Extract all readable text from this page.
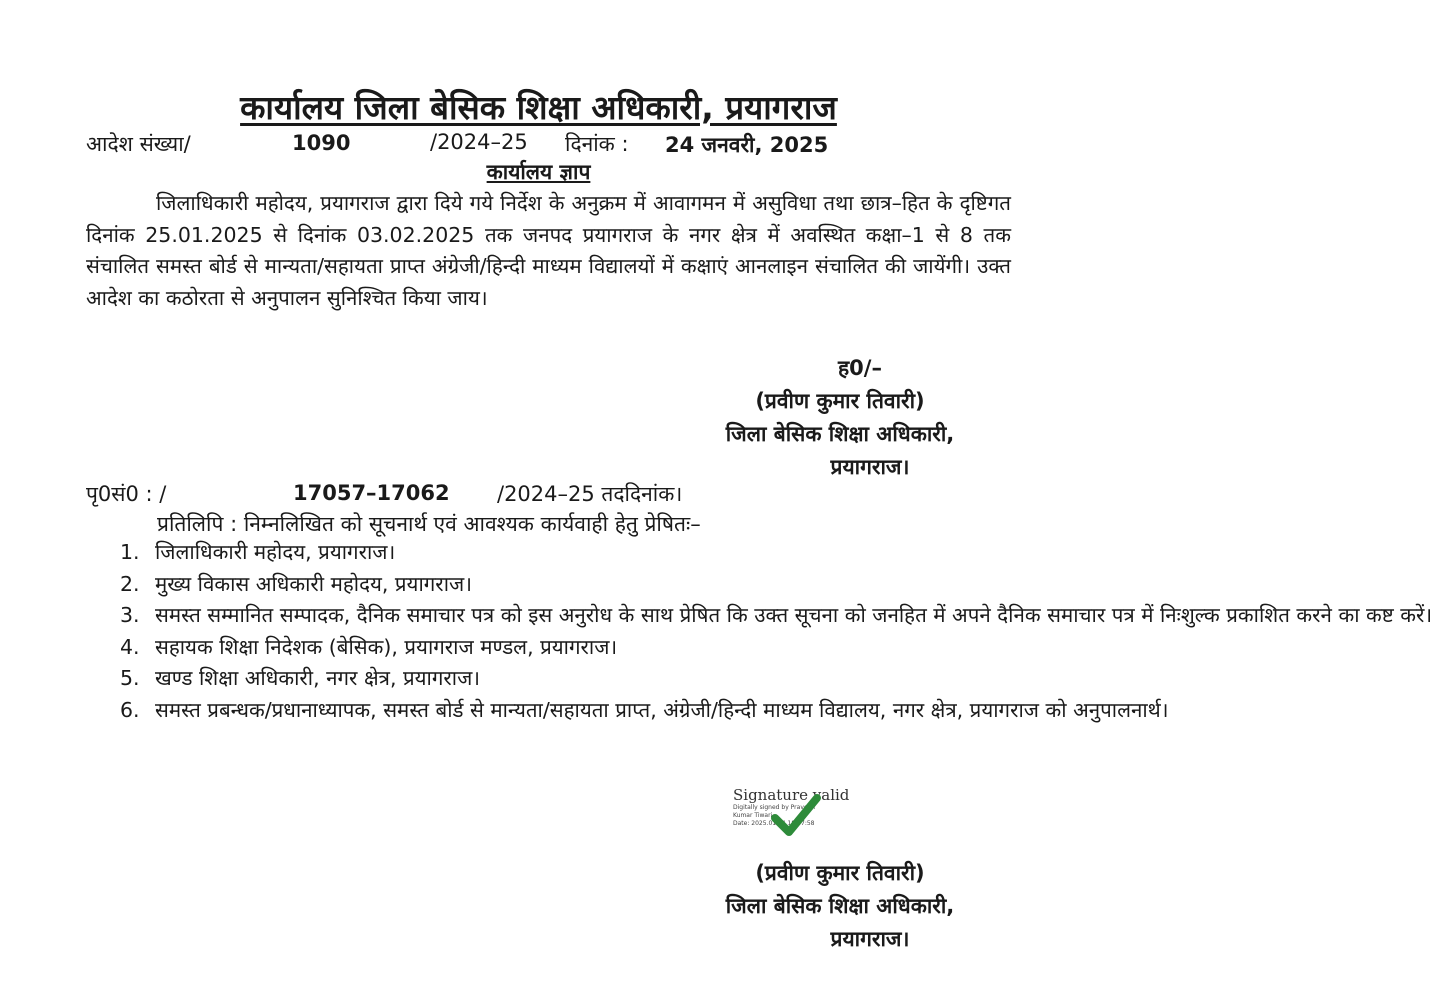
कार्यालय जिला बेसिक शिक्षा अधिकारी, प्रयागराज
आदेश संख्या/	1090	/2024–25 दिनांक : 24 जनवरी, 2025
कार्यालय ज्ञाप
जिलाधिकारी महोदय, प्रयागराज द्वारा दिये गये निर्देश के अनुक्रम में आवागमन में असुविधा तथा छात्र–हित के दृष्टिगत दिनांक 25.01.2025 से दिनांक 03.02.2025 तक जनपद प्रयागराज के नगर क्षेत्र में अवस्थित कक्षा–1 से 8 तक संचालित समस्त बोर्ड से मान्यता/सहायता प्राप्त अंग्रेजी/हिन्दी माध्यम विद्यालयों में कक्षाएं आनलाइन संचालित की जायेंगी। उक्त आदेश का कठोरता से अनुपालन सुनिश्चित किया जाय।
ह0/–
(प्रवीण कुमार तिवारी)
जिला बेसिक शिक्षा अधिकारी,
प्रयागराज।
पृ0सं0 : /	17057–17062 /2024–25 तददिनांक।
प्रतिलिपि : निम्नलिखित को सूचनार्थ एवं आवश्यक कार्यवाही हेतु प्रेषितः–
1. जिलाधिकारी महोदय, प्रयागराज।
2. मुख्य विकास अधिकारी महोदय, प्रयागराज।
3. समस्त सम्मानित सम्पादक, दैनिक समाचार पत्र को इस अनुरोध के साथ प्रेषित कि उक्त सूचना को जनहित में अपने दैनिक समाचार पत्र में निःशुल्क प्रकाशित करने का कष्ट करें।
4. सहायक शिक्षा निदेशक (बेसिक), प्रयागराज मण्डल, प्रयागराज।
5. खण्ड शिक्षा अधिकारी, नगर क्षेत्र, प्रयागराज।
6. समस्त प्रबन्धक/प्रधानाध्यापक, समस्त बोर्ड से मान्यता/सहायता प्राप्त, अंग्रेजी/हिन्दी माध्यम विद्यालय, नगर क्षेत्र, प्रयागराज को अनुपालनार्थ।
Signature valid
Digitally signed by Praveen
Kumar Tiwari
Date: 2025.01.24 18:37:58
(प्रवीण कुमार तिवारी)
जिला बेसिक शिक्षा अधिकारी,
प्रयागराज।
